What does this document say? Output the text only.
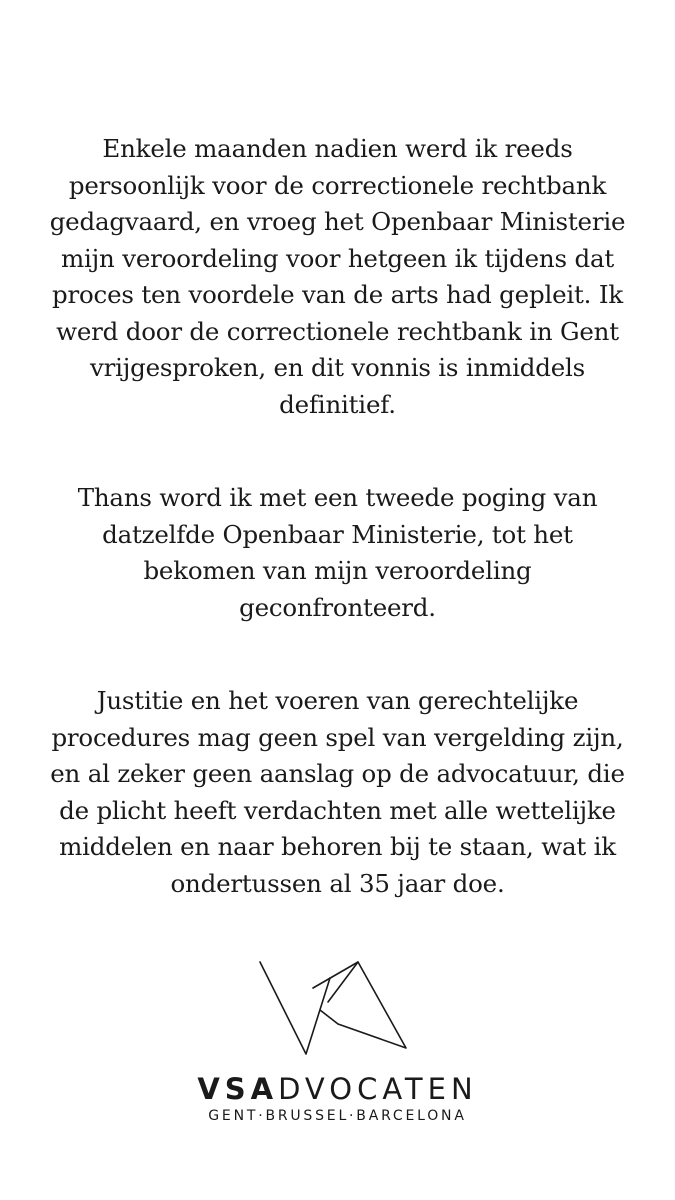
Enkele maanden nadien werd ik reeds
persoonlijk voor de correctionele rechtbank
gedagvaard, en vroeg het Openbaar Ministerie
mijn veroordeling voor hetgeen ik tijdens dat
proces ten voordele van de arts had gepleit. Ik
werd door de correctionele rechtbank in Gent
vrijgesproken, en dit vonnis is inmiddels
definitief.
Thans word ik met een tweede poging van
datzelfde Openbaar Ministerie, tot het
bekomen van mijn veroordeling
geconfronteerd.
Justitie en het voeren van gerechtelijke
procedures mag geen spel van vergelding zijn,
en al zeker geen aanslag op de advocatuur, die
de plicht heeft verdachten met alle wettelijke
middelen en naar behoren bij te staan, wat ik
ondertussen al 35 jaar doe.
VSADVOCATEN
GENT·BRUSSEL·BARCELONA
